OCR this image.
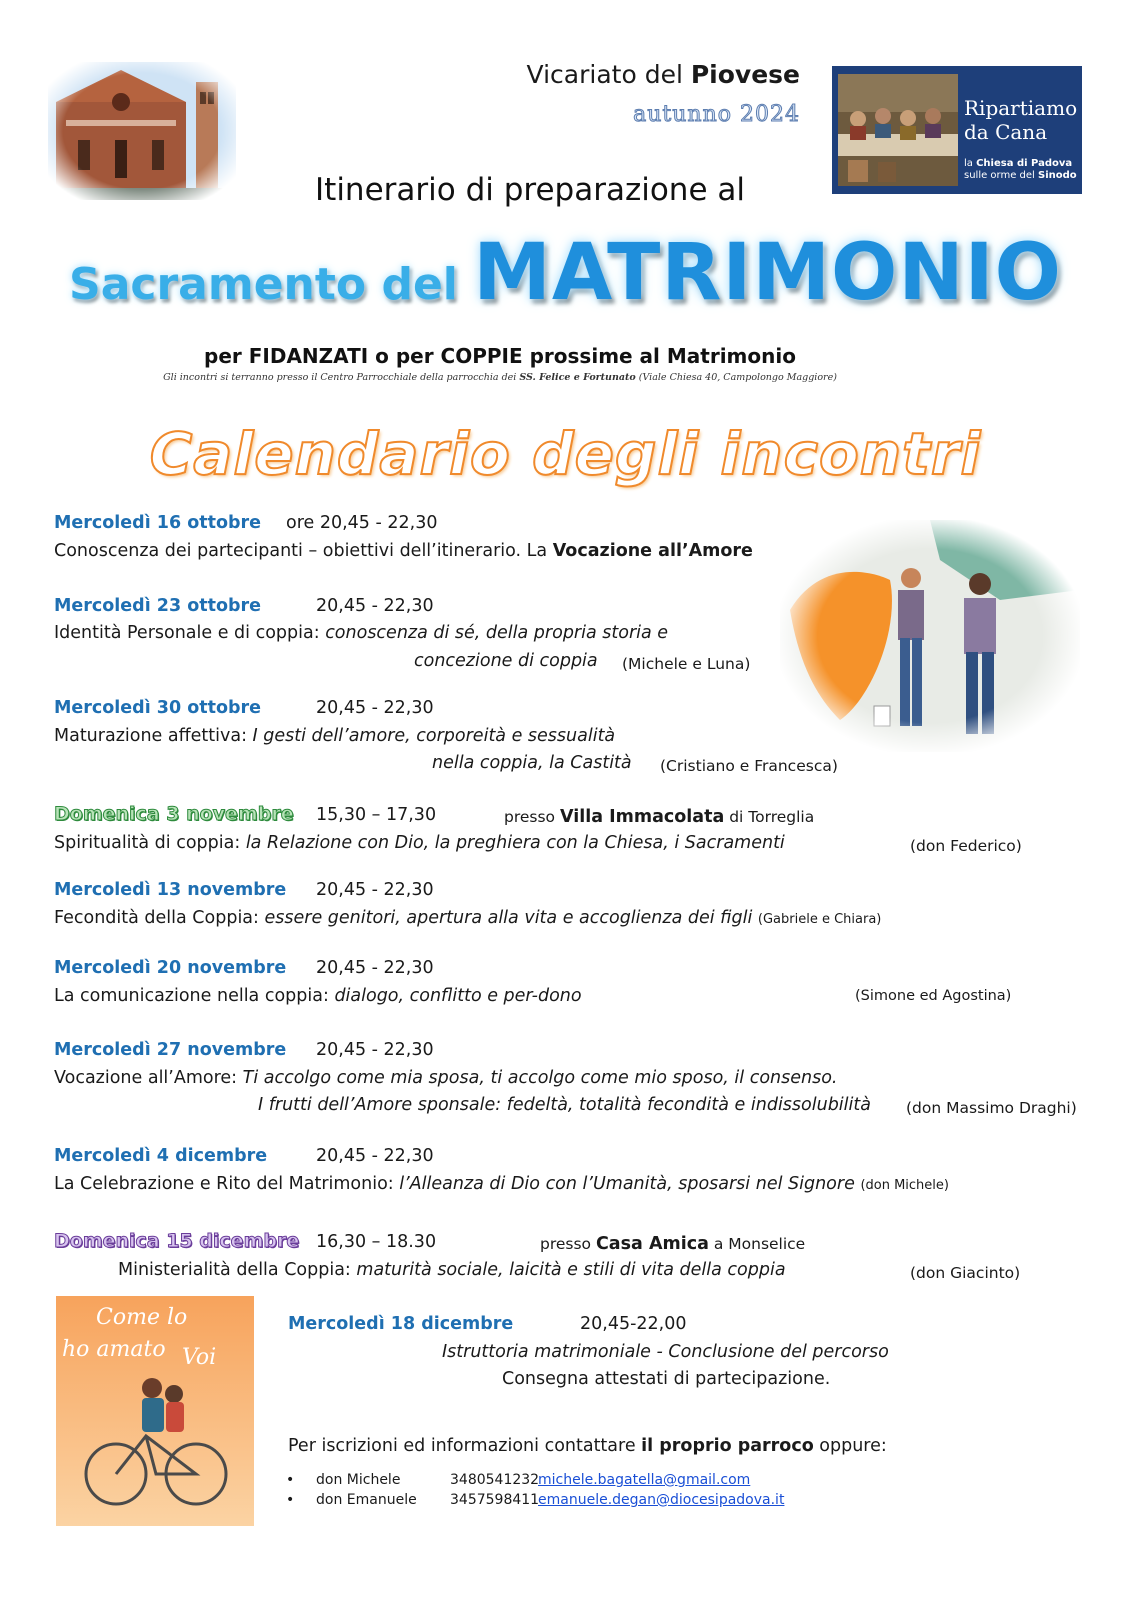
Vicariato del Piovese
autunno 2024	Ripartiamo
da Cana
la Chiesa di Padova
sulle orme del Sinodo
Itinerario di preparazione al
Sacramento del MATRIMONIO
per FIDANZATI o per COPPIE prossime al Matrimonio
Gli incontri si terranno presso il Centro Parrocchiale della parrocchia dei SS. Felice e Fortunato (Viale Chiesa 40, Campolongo Maggiore)
Calendario degli incontri
Mercoledì 16 ottobre ore 20,45 - 22,30
Conoscenza dei partecipanti – obiettivi dell’itinerario. La Vocazione all’Amore
Mercoledì 23 ottobre	20,45 - 22,30
Identità Personale e di coppia: conoscenza di sé, della propria storia e
concezione di coppia (Michele e Luna)
Mercoledì 30 ottobre	20,45 - 22,30
Maturazione affettiva: I gesti dell’amore, corporeità e sessualità
nella coppia, la Castità (Cristiano e Francesca)
Domenica 3 novembre 15,30 – 17,30	presso Villa Immacolata di Torreglia
Spiritualità di coppia: la Relazione con Dio, la preghiera con la Chiesa, i Sacramenti	(don Federico)
Mercoledì 13 novembre 20,45 - 22,30
Fecondità della Coppia: essere genitori, apertura alla vita e accoglienza dei figli (Gabriele e Chiara)
Mercoledì 20 novembre 20,45 - 22,30
La comunicazione nella coppia: dialogo, conflitto e per-dono	(Simone ed Agostina)
Mercoledì 27 novembre 20,45 - 22,30
Vocazione all’Amore: Ti accolgo come mia sposa, ti accolgo come mio sposo, il consenso.
I frutti dell’Amore sponsale: fedeltà, totalità fecondità e indissolubilità (don Massimo Draghi)
Mercoledì 4 dicembre	20,45 - 22,30
La Celebrazione e Rito del Matrimonio: l’Alleanza di Dio con l’Umanità, sposarsi nel Signore (don Michele)
Domenica 15 dicembre 16,30 – 18.30	presso Casa Amica a Monselice
Ministerialità della Coppia: maturità sociale, laicità e stili di vita della coppia	(don Giacinto)
Come lo
ho amato Voi
Mercoledì 18 dicembre	20,45-22,00
Istruttoria matrimoniale - Conclusione del percorso
Consegna attestati di partecipazione.
Per iscrizioni ed informazioni contattare il proprio parroco oppure:
• don Michele	3480541232michele.bagatella@gmail.com
• don Emanuele 3457598411emanuele.degan@diocesipadova.it
